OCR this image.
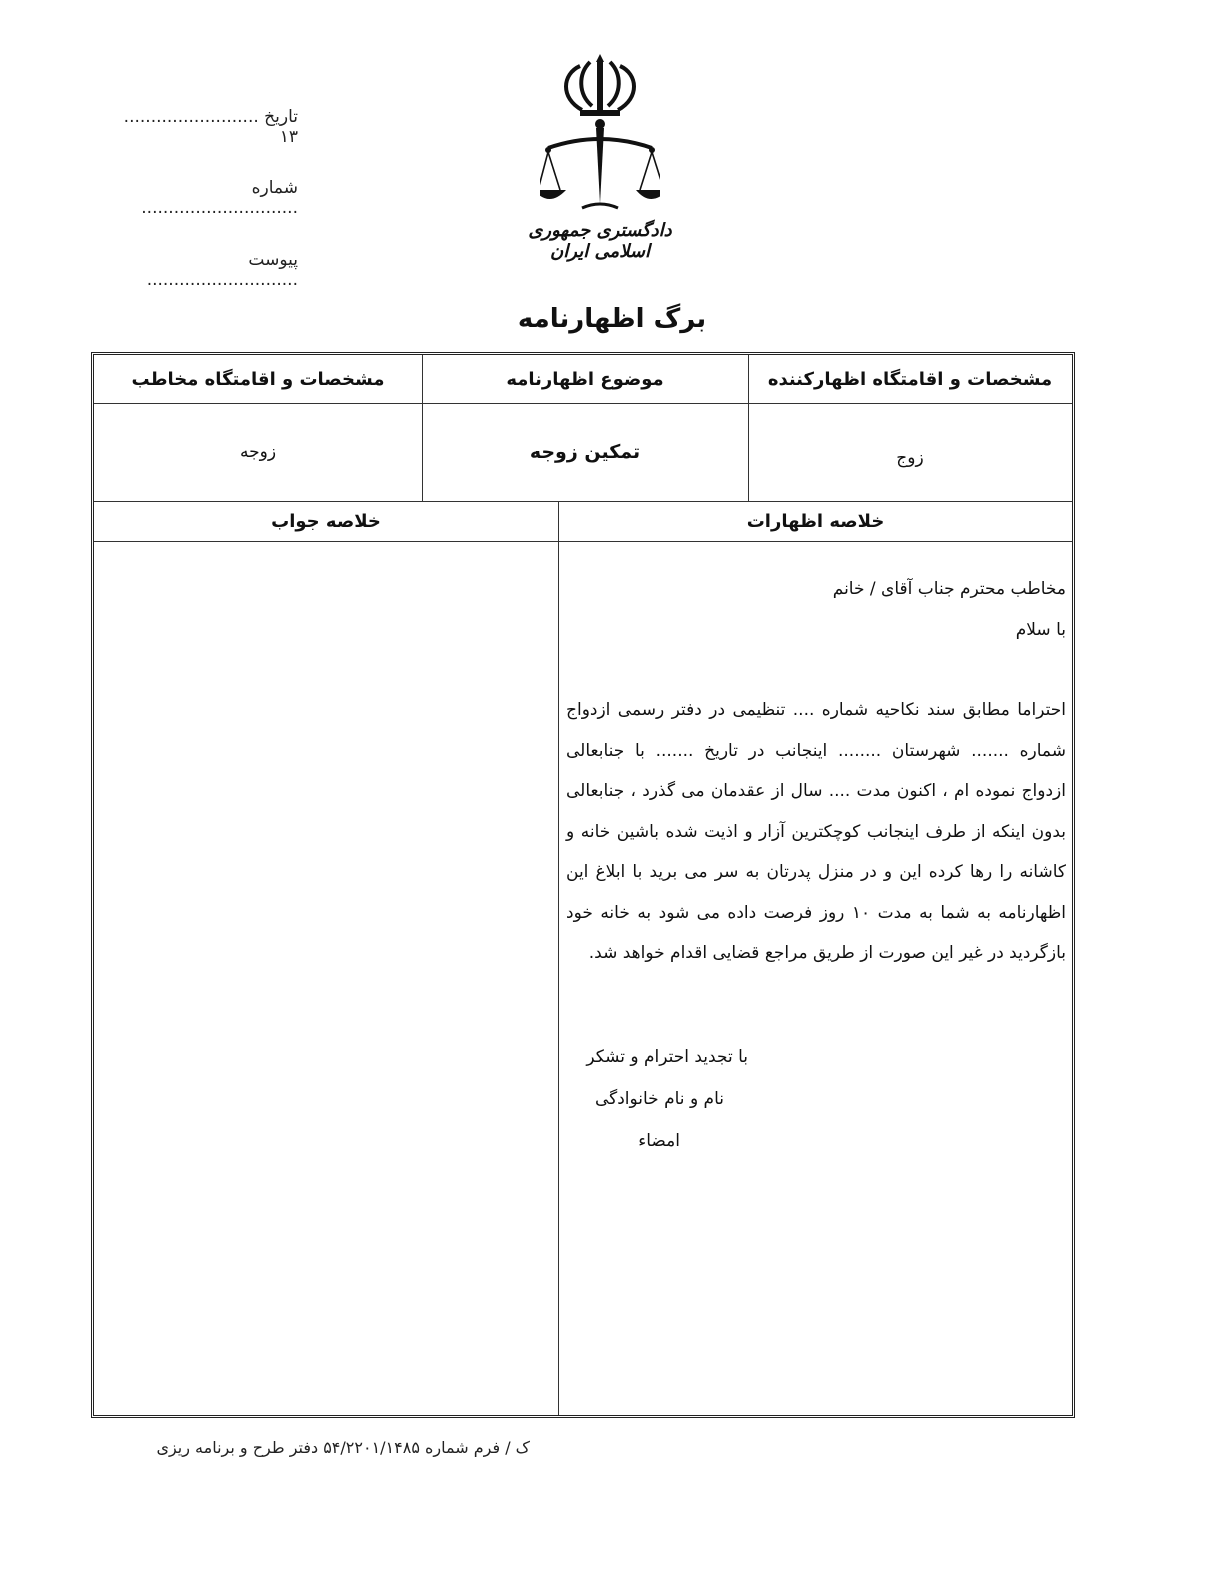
تاریخ ......................... ۱۳
شماره .............................
پیوست ............................
دادگستری جمهوری اسلامی ایران
برگ اظهارنامه
مشخصات و اقامتگاه اظهارکننده
موضوع اظهارنامه
مشخصات و اقامتگاه مخاطب
زوج
تمکین زوجه
زوجه
خلاصه اظهارات
خلاصه جواب

مخاطب محترم جناب آقای / خانم

با سلام

احتراما مطابق سند نکاحیه شماره .... تنظیمی در دفتر رسمی ازدواج شماره ....... شهرستان ........ اینجانب در تاریخ ....... با جنابعالی ازدواج نموده ام ، اکنون مدت .... سال از عقدمان می گذرد ، جنابعالی بدون اینکه از طرف اینجانب کوچکترین آزار و اذیت شده باشین خانه و کاشانه را رها کرده این و در منزل پدرتان به سر می برید با ابلاغ این اظهارنامه به شما به مدت ۱۰ روز فرصت داده می شود به خانه خود بازگردید در غیر این صورت از طریق مراجع قضایی اقدام خواهد شد.

با تجدید احترام و تشکر
نام و نام خانوادگی
امضاء
ک / فرم شماره ۵۴/۲۲۰۱/۱۴۸۵ دفتر طرح و برنامه ریزی
